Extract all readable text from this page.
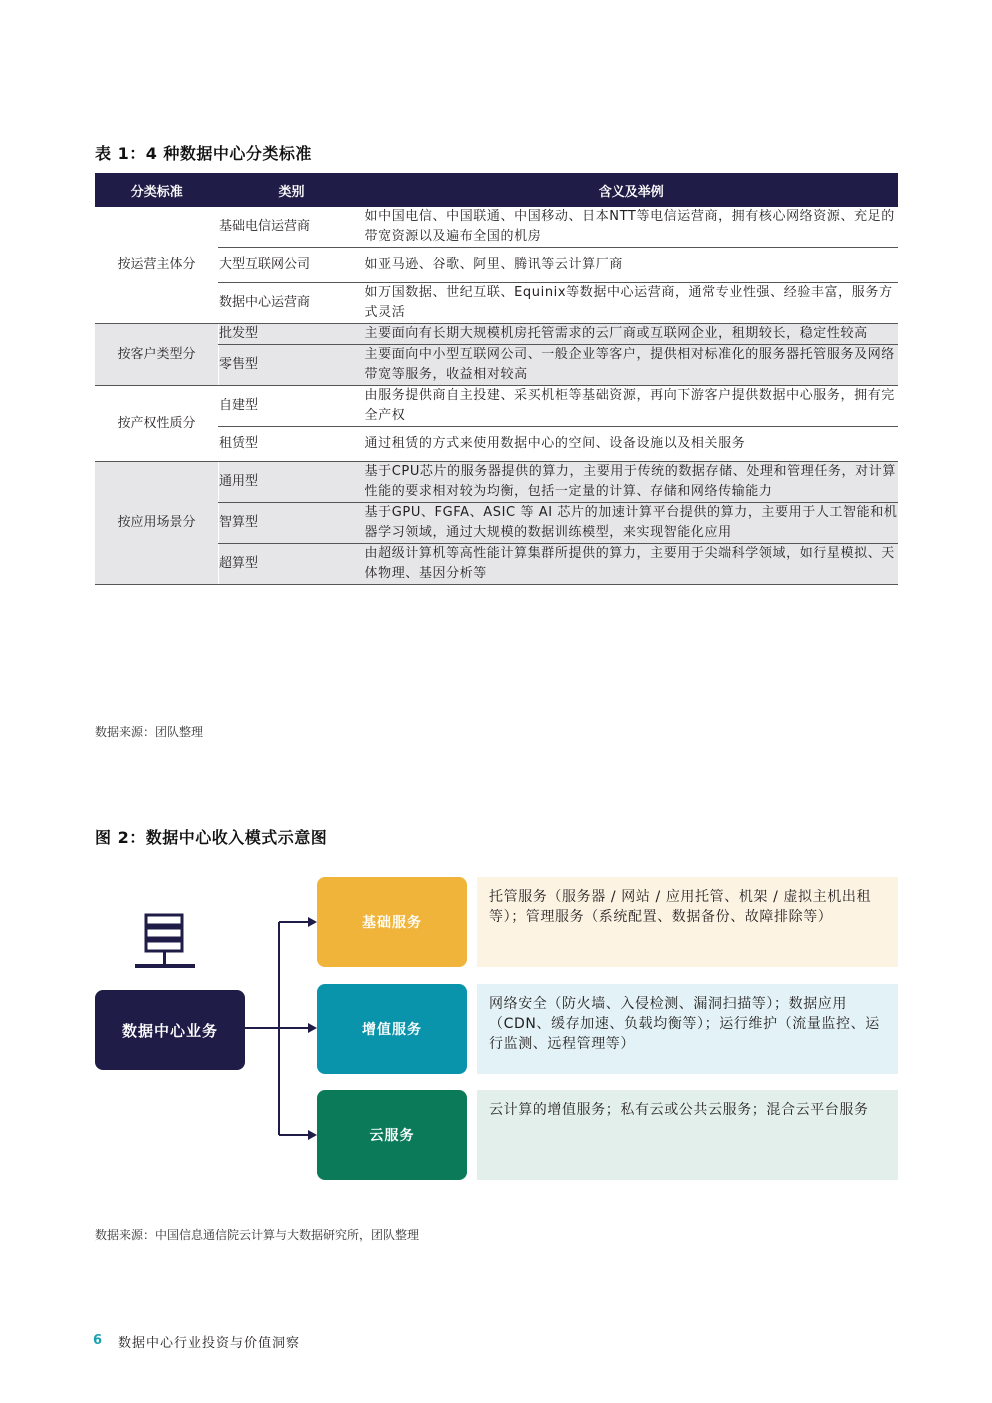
表 1：4 种数据中心分类标准
分类标准	类别	含义及举例
按运营主体分	基础电信运营商	如中国电信、中国联通、中国移动、日本NTT等电信运营商，拥有核心网络资源、充足的带宽资源以及遍布全国的机房
	大型互联网公司	如亚马逊、谷歌、阿里、腾讯等云计算厂商
	数据中心运营商	如万国数据、世纪互联、Equinix等数据中心运营商，通常专业性强、经验丰富，服务方式灵活
按客户类型分	批发型	主要面向有长期大规模机房托管需求的云厂商或互联网企业，租期较长，稳定性较高
	零售型	主要面向中小型互联网公司、一般企业等客户，提供相对标准化的服务器托管服务及网络带宽等服务，收益相对较高
按产权性质分	自建型	由服务提供商自主投建、采买机柜等基础资源，再向下游客户提供数据中心服务，拥有完全产权
	租赁型	通过租赁的方式来使用数据中心的空间、设备设施以及相关服务
按应用场景分	通用型	基于CPU芯片的服务器提供的算力，主要用于传统的数据存储、处理和管理任务，对计算性能的要求相对较为均衡，包括一定量的计算、存储和网络传输能力
	智算型	基于GPU、FGFA、ASIC 等 AI 芯片的加速计算平台提供的算力，主要用于人工智能和机器学习领域，通过大规模的数据训练模型，来实现智能化应用
	超算型	由超级计算机等高性能计算集群所提供的算力，主要用于尖端科学领域，如行星模拟、天体物理、基因分析等
数据来源：团队整理
图 2：数据中心收入模式示意图
数据中心业务
基础服务
托管服务（服务器 / 网站 / 应用托管、机架 / 虚拟主机出租等）；管理服务（系统配置、数据备份、故障排除等）
增值服务
网络安全（防火墙、入侵检测、漏洞扫描等）；数据应用（CDN、缓存加速、负载均衡等）；运行维护（流量监控、运行监测、远程管理等）
云服务
云计算的增值服务；私有云或公共云服务；混合云平台服务
数据来源：中国信息通信院云计算与大数据研究所，团队整理
6 数据中心行业投资与价值洞察
